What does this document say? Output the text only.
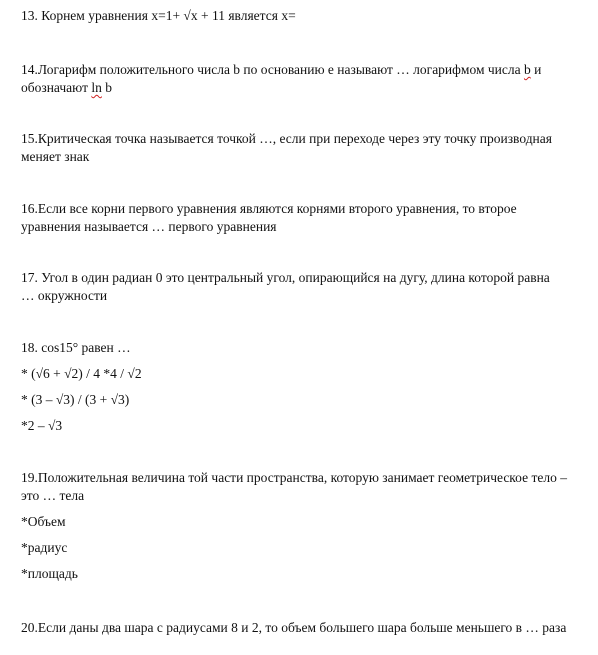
13. Корнем уравнения x=1+ √x + 11 является x=
14.Логарифм положительного числа b по основанию e называют … логарифмом числа b и
обозначают ln b
15.Критическая точка называется точкой …, если при переходе через эту точку производная
меняет знак
16.Если все корни первого уравнения являются корнями второго уравнения, то второе
уравнения называется … первого уравнения
17. Угол в один радиан 0 это центральный угол, опирающийся на дугу, длина которой равна
… окружности
18. cos15° равен …
* (√6 + √2) / 4 *4 / √2
* (3 – √3) / (3 + √3)
*2 – √3
19.Положительная величина той части пространства, которую занимает геометрическое тело –
это … тела
*Объем
*радиус
*площадь
20.Если даны два шара с радиусами 8 и 2, то объем большего шара больше меньшего в … раза
